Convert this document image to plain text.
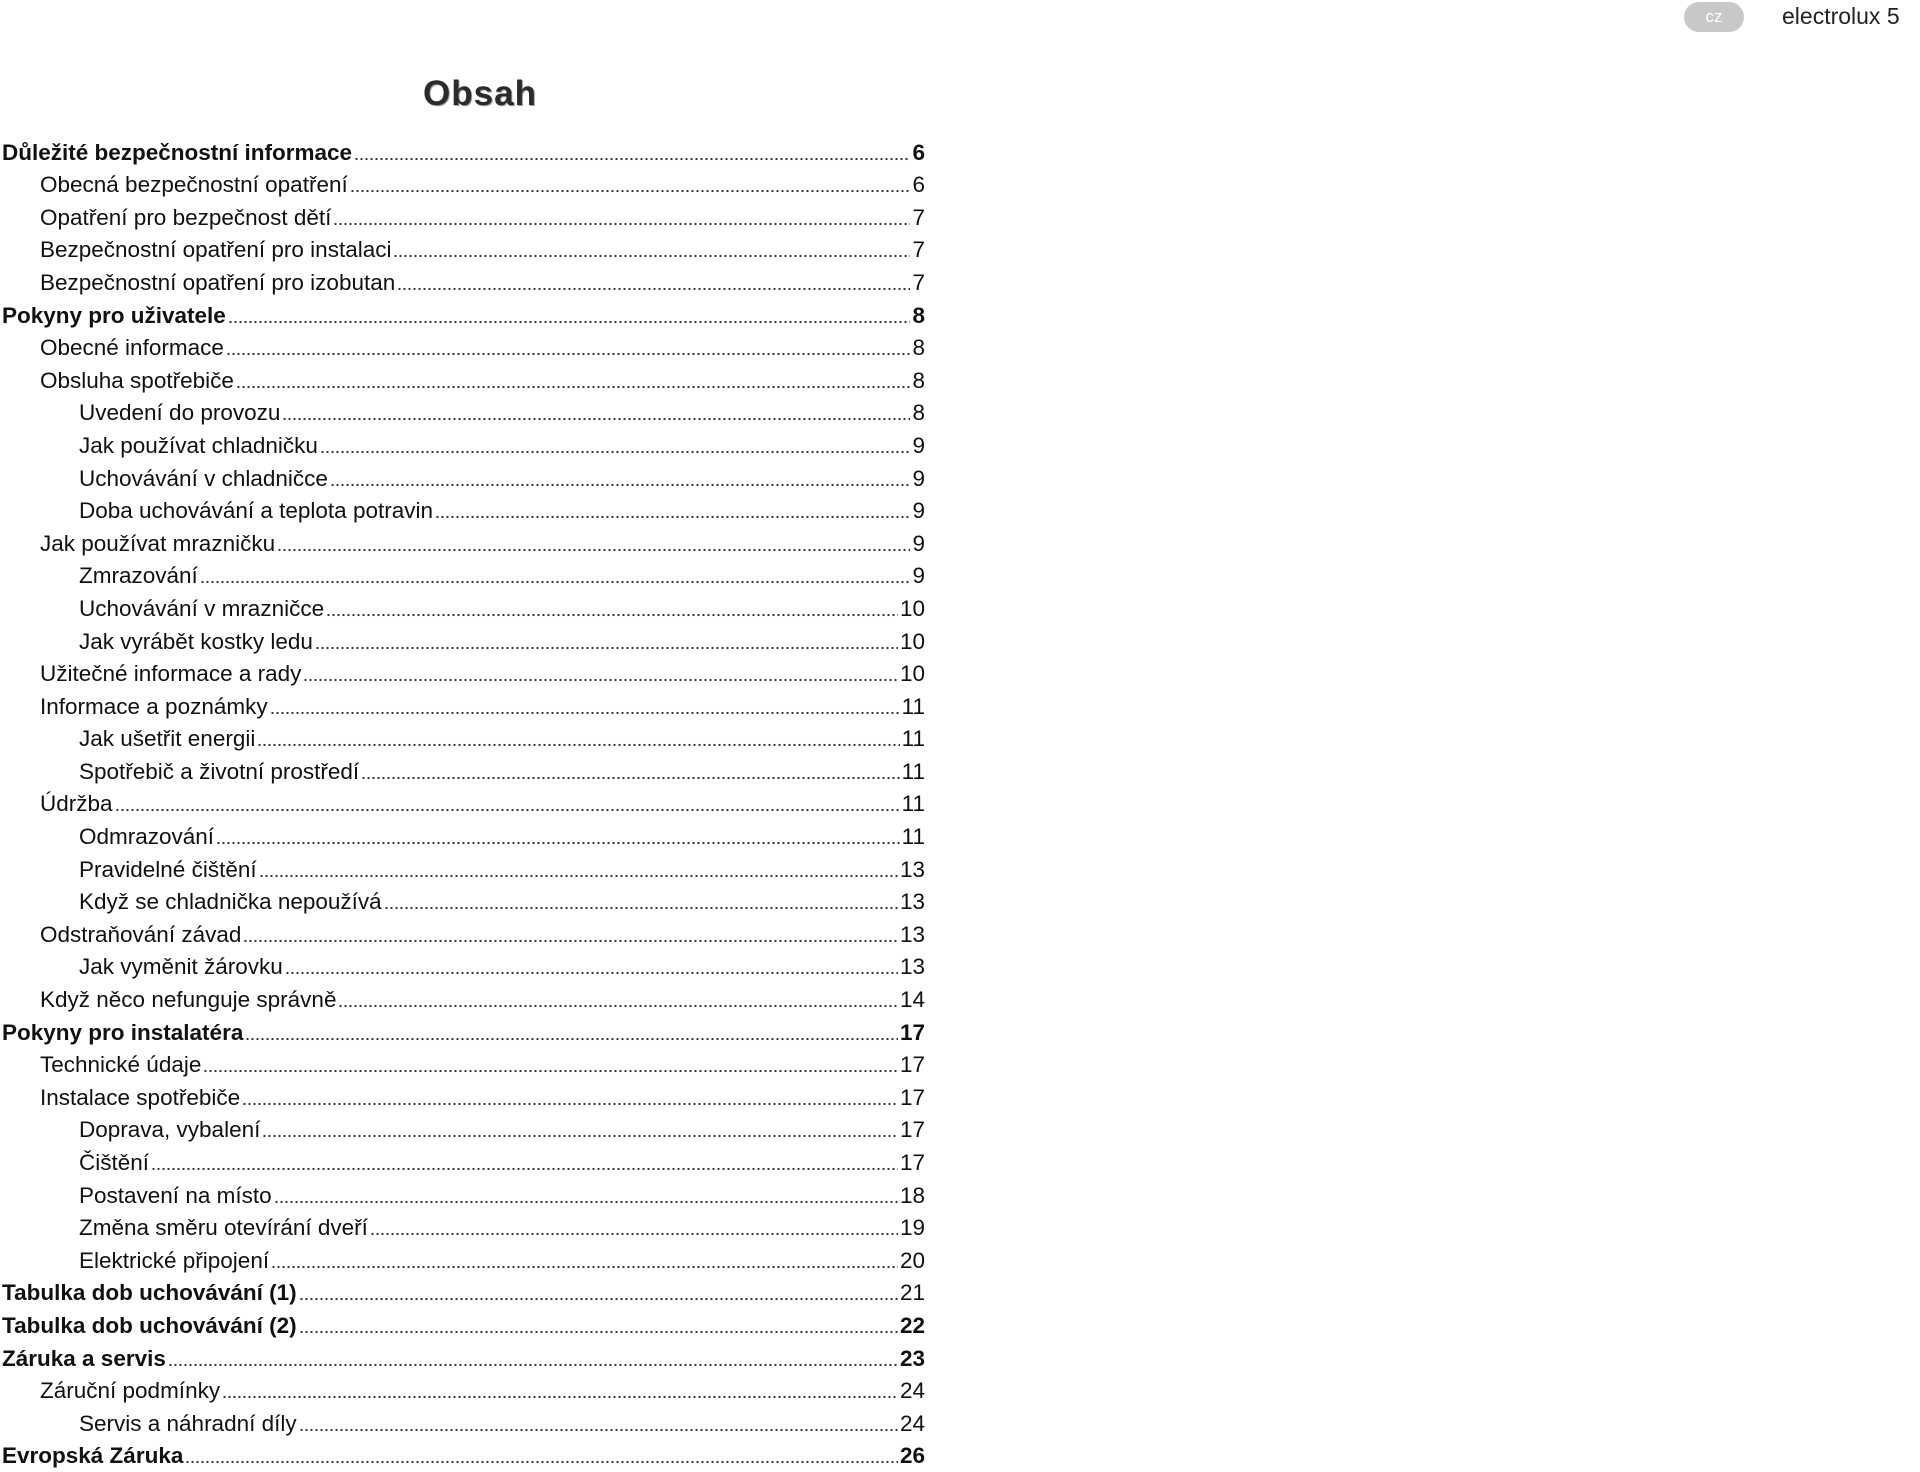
cz	electrolux 5
Obsah
Důležité bezpečnostní informace	6
Obecná bezpečnostní opatření	6
Opatření pro bezpečnost dětí	7
Bezpečnostní opatření pro instalaci	7
Bezpečnostní opatření pro izobutan	7
Pokyny pro uživatele	8
Obecné informace	8
Obsluha spotřebiče	8
Uvedení do provozu	8
Jak používat chladničku	9
Uchovávání v chladničce	9
Doba uchovávání a teplota potravin	9
Jak používat mrazničku	9
Zmrazování	9
Uchovávání v mrazničce	10
Jak vyrábět kostky ledu	10
Užitečné informace a rady	10
Informace a poznámky	11
Jak ušetřit energii	11
Spotřebič a životní prostředí	11
Údržba	11
Odmrazování	11
Pravidelné čištění	13
Když se chladnička nepoužívá	13
Odstraňování závad	13
Jak vyměnit žárovku	13
Když něco nefunguje správně	14
Pokyny pro instalatéra	17
Technické údaje	17
Instalace spotřebiče	17
Doprava, vybalení	17
Čištění	17
Postavení na místo	18
Změna směru otevírání dveří	19
Elektrické připojení	20
Tabulka dob uchovávání (1)	21
Tabulka dob uchovávání (2)	22
Záruka a servis	23
Záruční podmínky	24
Servis a náhradní díly	24
Evropská Záruka	26
